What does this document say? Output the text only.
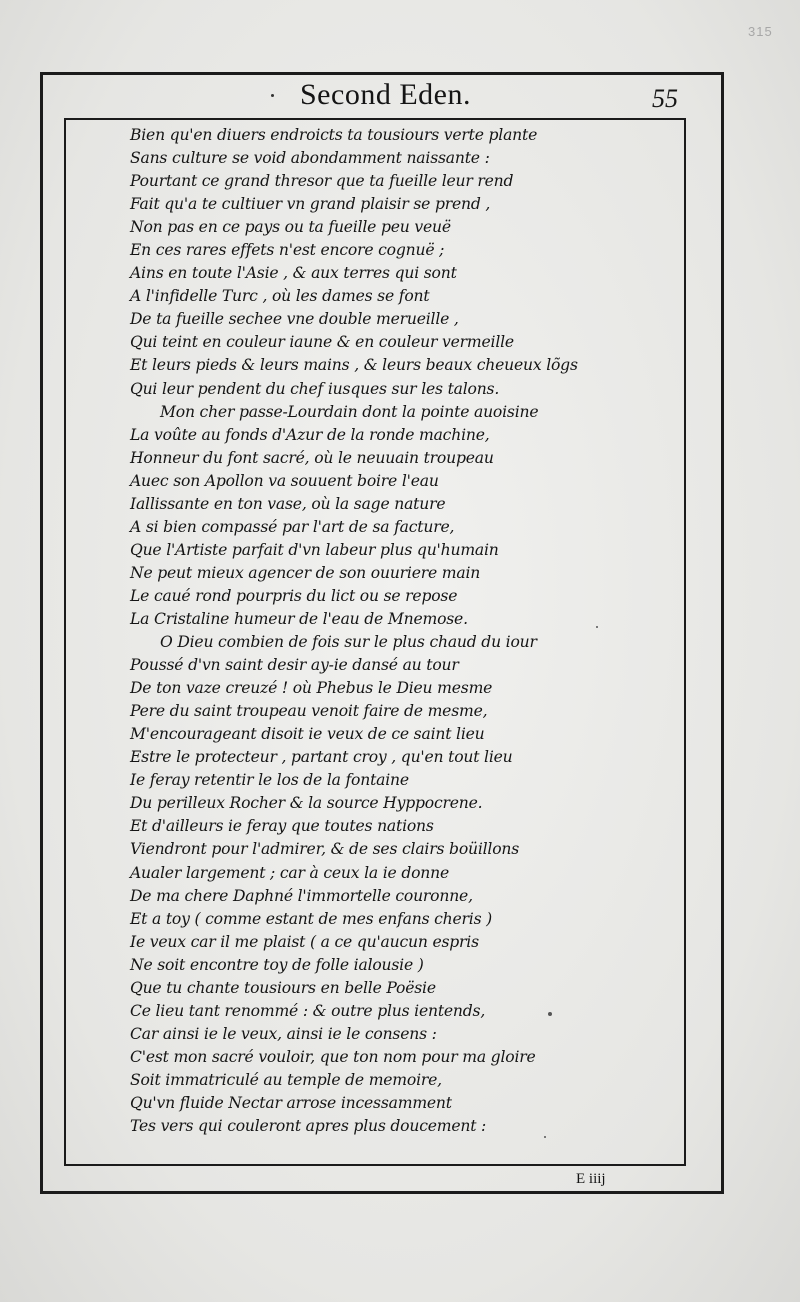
315
Second Eden.	55
Bien qu'en diuers endroicts ta tousiours verte plante
Sans culture se void abondamment naissante :
Pourtant ce grand thresor que ta fueille leur rend
Fait qu'a te cultiuer vn grand plaisir se prend ,
Non pas en ce pays ou ta fueille peu veuë
En ces rares effets n'est encore cognuë ;
Ains en toute l'Asie , & aux terres qui sont
A l'infidelle Turc , où les dames se font
De ta fueille sechee vne double merueille ,
Qui teint en couleur iaune & en couleur vermeille
Et leurs pieds & leurs mains , & leurs beaux cheueux lõgs
Qui leur pendent du chef iusques sur les talons.
Mon cher passe-Lourdain dont la pointe auoisine
La voûte au fonds d'Azur de la ronde machine,
Honneur du font sacré, où le neuuain troupeau
Auec son Apollon va souuent boire l'eau
Iallissante en ton vase, où la sage nature
A si bien compassé par l'art de sa facture,
Que l'Artiste parfait d'vn labeur plus qu'humain
Ne peut mieux agencer de son ouuriere main
Le caué rond pourpris du lict ou se repose
La Cristaline humeur de l'eau de Mnemose.
O Dieu combien de fois sur le plus chaud du iour
Poussé d'vn saint desir ay-ie dansé au tour
De ton vaze creuzé ! où Phebus le Dieu mesme
Pere du saint troupeau venoit faire de mesme,
M'encourageant disoit ie veux de ce saint lieu
Estre le protecteur , partant croy , qu'en tout lieu
Ie feray retentir le los de la fontaine
Du perilleux Rocher & la source Hyppocrene.
Et d'ailleurs ie feray que toutes nations
Viendront pour l'admirer, & de ses clairs boüillons
Aualer largement ; car à ceux la ie donne
De ma chere Daphné l'immortelle couronne,
Et a toy ( comme estant de mes enfans cheris )
Ie veux car il me plaist ( a ce qu'aucun espris
Ne soit encontre toy de folle ialousie )
Que tu chante tousiours en belle Poësie
Ce lieu tant renommé : & outre plus ientends,
Car ainsi ie le veux, ainsi ie le consens :
C'est mon sacré vouloir, que ton nom pour ma gloire
Soit immatriculé au temple de memoire,
Qu'vn fluide Nectar arrose incessamment
Tes vers qui couleront apres plus doucement :
E iiij
